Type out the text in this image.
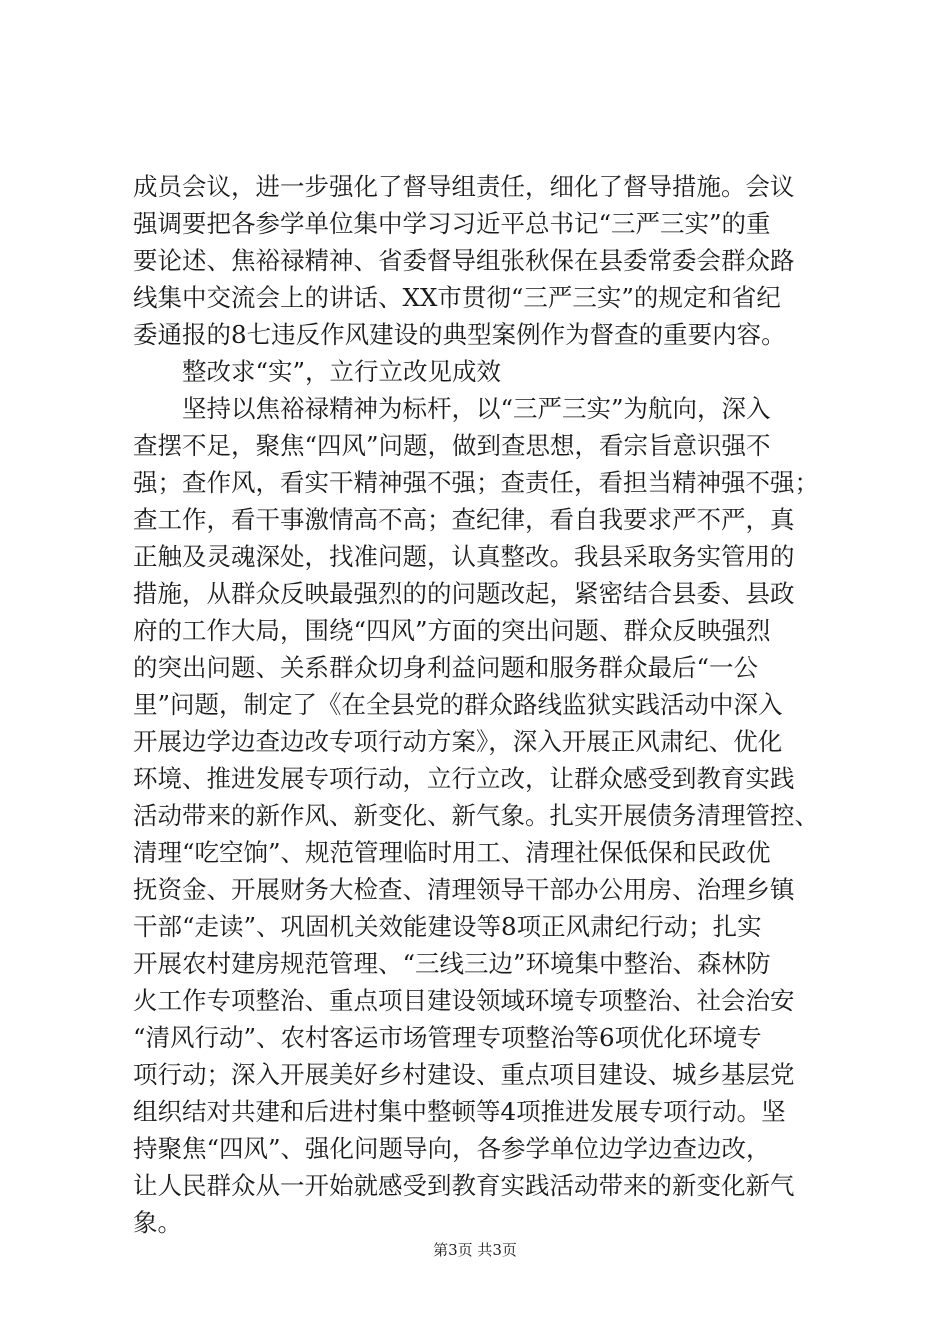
成员会议，进一步强化了督导组责任，细化了督导措施。会议
强调要把各参学单位集中学习习近平总书记“三严三实”的重
要论述、焦裕禄精神、省委督导组张秋保在县委常委会群众路
线集中交流会上的讲话、XX市贯彻“三严三实”的规定和省纪
委通报的8七违反作风建设的典型案例作为督查的重要内容。
　　整改求“实”，立行立改见成效
　　坚持以焦裕禄精神为标杆，以“三严三实”为航向，深入
查摆不足，聚焦“四风”问题，做到查思想，看宗旨意识强不
强；查作风，看实干精神强不强；查责任，看担当精神强不强；
查工作，看干事激情高不高；查纪律，看自我要求严不严，真
正触及灵魂深处，找准问题，认真整改。我县采取务实管用的
措施，从群众反映最强烈的的问题改起，紧密结合县委、县政
府的工作大局，围绕“四风”方面的突出问题、群众反映强烈
的突出问题、关系群众切身利益问题和服务群众最后“一公
里”问题，制定了《在全县党的群众路线监狱实践活动中深入
开展边学边查边改专项行动方案》，深入开展正风肃纪、优化
环境、推进发展专项行动，立行立改，让群众感受到教育实践
活动带来的新作风、新变化、新气象。扎实开展债务清理管控、
清理“吃空饷”、规范管理临时用工、清理社保低保和民政优
抚资金、开展财务大检查、清理领导干部办公用房、治理乡镇
干部“走读”、巩固机关效能建设等8项正风肃纪行动；扎实
开展农村建房规范管理、“三线三边”环境集中整治、森林防
火工作专项整治、重点项目建设领域环境专项整治、社会治安
“清风行动”、农村客运市场管理专项整治等6项优化环境专
项行动；深入开展美好乡村建设、重点项目建设、城乡基层党
组织结对共建和后进村集中整顿等4项推进发展专项行动。坚
持聚焦“四风”、强化问题导向，各参学单位边学边查边改，
让人民群众从一开始就感受到教育实践活动带来的新变化新气
象。
第3页 共3页
